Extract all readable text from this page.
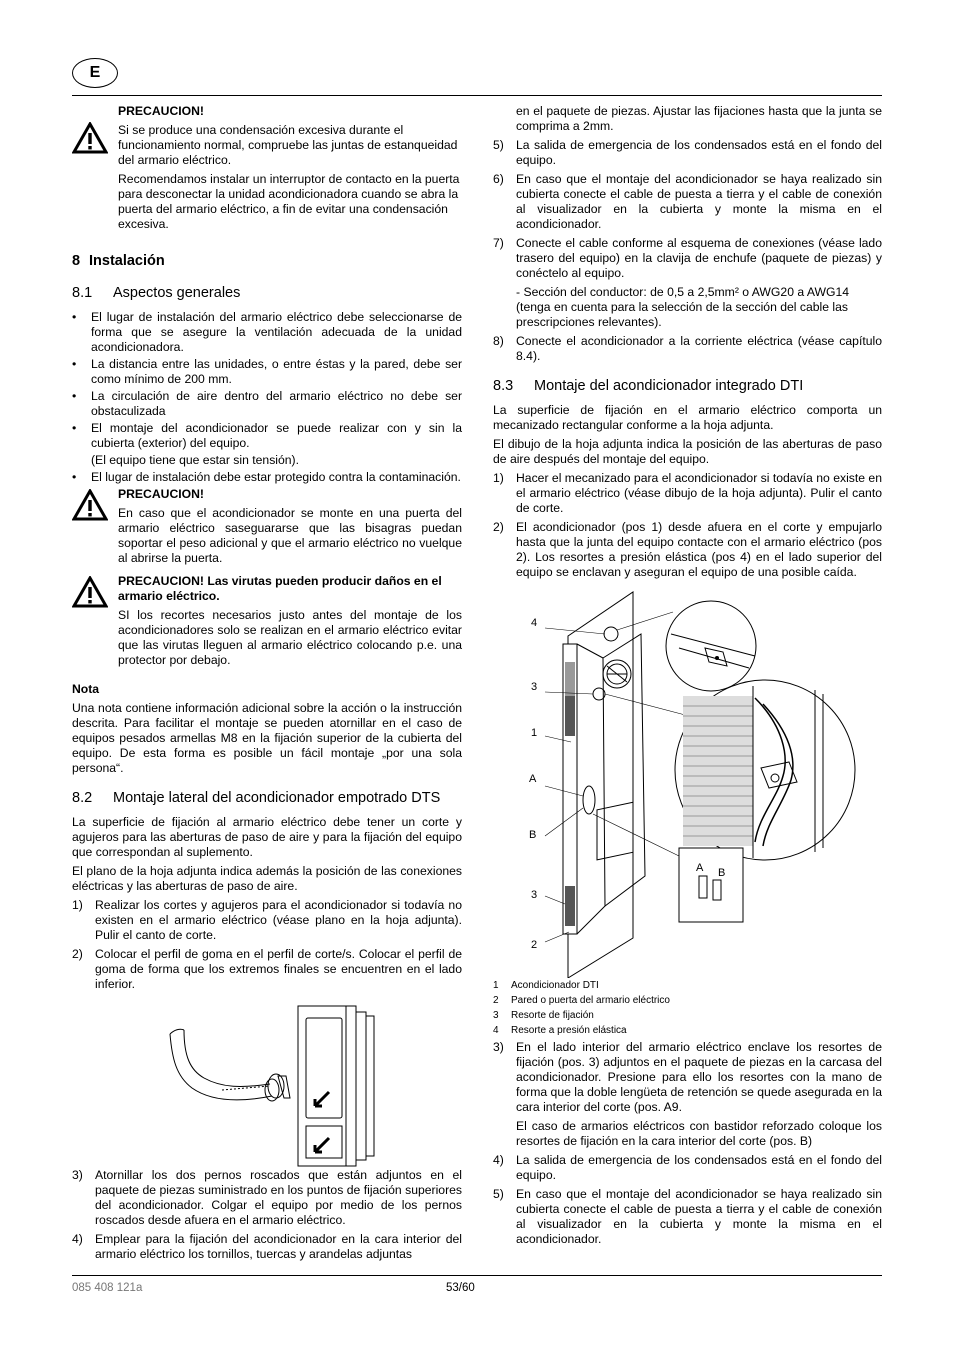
E

PRECAUCION!

Si se produce una condensación excesiva durante el funcionamiento normal, compruebe las juntas de estanqueidad del armario eléctrico.

Recomendamos instalar un interruptor de contacto en la puerta para desconectar la unidad acondicionadora cuando se abra la puerta del armario eléctrico, a fin de evitar una condensación excesiva.

8 Instalación
8.1 Aspectos generales
•	El lugar de instalación del armario eléctrico debe seleccionarse de forma que se asegure la ventilación adecuada de la unidad acondicionadora.
•	La distancia entre las unidades, o entre éstas y la pared, debe ser como mínimo de 200 mm.
•	La circulación de aire dentro del armario eléctrico no debe ser obstaculizada
•	El montaje del acondicionador se puede realizar con y sin la cubierta (exterior) del equipo.
(El equipo tiene que estar sin tensión).
•	El lugar de instalación debe estar protegido contra la contaminación.

PRECAUCION!

En caso que el acondicionador se monte en una puerta del armario eléctrico saseguararse que las bisagras puedan soportar el peso adicional y que el armario eléctrico no vuelque al abrirse la puerta.

PRECAUCION! Las virutas pueden producir daños en el armario eléctrico.

SI los recortes necesarios justo antes del montaje de los acondicionadores solo se realizan en el armario eléctrico evitar que las virutas lleguen al armario eléctrico colocando p.e. una protector por debajo.

Nota

Una nota contiene información adicional sobre la acción o la instrucción descrita. Para facilitar el montaje se pueden atornillar en el caso de equipos pesados armellas M8 en la fijación superior de la cubierta del equipo. De esta forma es posible un fácil montaje „por una sola persona“.

8.2	Montaje lateral del acondicionador empotrado DTS

La superficie de fijación al armario eléctrico debe tener un corte y agujeros para las aberturas de paso de aire y para la fijación del equipo que correspondan al suplemento.

El plano de la hoja adjunta indica además la posición de las conexiones eléctricas y las aberturas de paso de aire.

1) Realizar los cortes y agujeros para el acondicionador si todavía no existen en el armario eléctrico (véase plano en la hoja adjunta). Pulir el canto de corte.
2) Colocar el perfil de goma en el perfil de corte/s. Colocar el perfil de goma de forma que los extremos finales se encuentren en el lado inferior.
3) Atornillar los dos pernos roscados que están adjuntos en el paquete de piezas suministrado en los puntos de fijación superiores del acondicionador. Colgar el equipo por medio de los pernos roscados desde afuera en el armario eléctrico.
4) Emplear para la fijación del acondicionador en la cara interior del armario eléctrico los tornillos, tuercas y arandelas adjuntas

en el paquete de piezas. Ajustar las fijaciones hasta que la junta se comprima a 2mm.

5) La salida de emergencia de los condensados está en el fondo del equipo.
6) En caso que el montaje del acondicionador se haya realizado sin cubierta conecte el cable de puesta a tierra y el cable de conexión al visualizador en la cubierta y monte la misma en el acondicionador.
7) Conecte el cable conforme al esquema de conexiones (véase lado trasero del equipo) en la clavija de enchufe (paquete de piezas) y conéctelo al equipo.

- Sección del conductor: de 0,5 a 2,5mm² o AWG20 a AWG14 (tenga en cuenta para la selección de la sección del cable las prescripciones relevantes).

8) Conecte el acondicionador a la corriente eléctrica (véase capítulo 8.4).
8.3 Montaje del acondicionador integrado DTI

La superficie de fijación en el armario eléctrico comporta un mecanizado rectangular conforme a la hoja adjunta.

El dibujo de la hoja adjunta indica la posición de las aberturas de paso de aire después del montaje del equipo.

1) Hacer el mecanizado para el acondicionador si todavía no existe en el armario eléctrico (véase dibujo de la hoja adjunta). Pulir el canto de corte.
2) El acondicionador (pos 1) desde afuera en el corte y empujarlo hasta que la junta del equipo contacte con el armario eléctrico (pos 2). Los resortes a presión elástica (pos 4) en el lado superior del equipo se enclavan y aseguran el equipo de una posible caída.
4
3
1
A
B
3
2
A B
1 Acondicionador DTI
2 Pared o puerta del armario eléctrico
3 Resorte de fijación
4 Resorte a presión elástica
3) En el lado interior del armario eléctrico enclave los resortes de fijación (pos. 3) adjuntos en el paquete de piezas en la carcasa del acondicionador. Presione para ello los resortes con la mano de forma que la doble lengüeta de retención se quede asegurada en la cara interior del corte (pos. A9.

El caso de armarios eléctricos con bastidor reforzado coloque los resortes de fijación en la cara interior del corte (pos. B)

4) La salida de emergencia de los condensados está en el fondo del equipo.
5) En caso que el montaje del acondicionador se haya realizado sin cubierta conecte el cable de puesta a tierra y el cable de conexión al visualizador en la cubierta y monte la misma en el acondicionador.
085 408 121a	53/60
